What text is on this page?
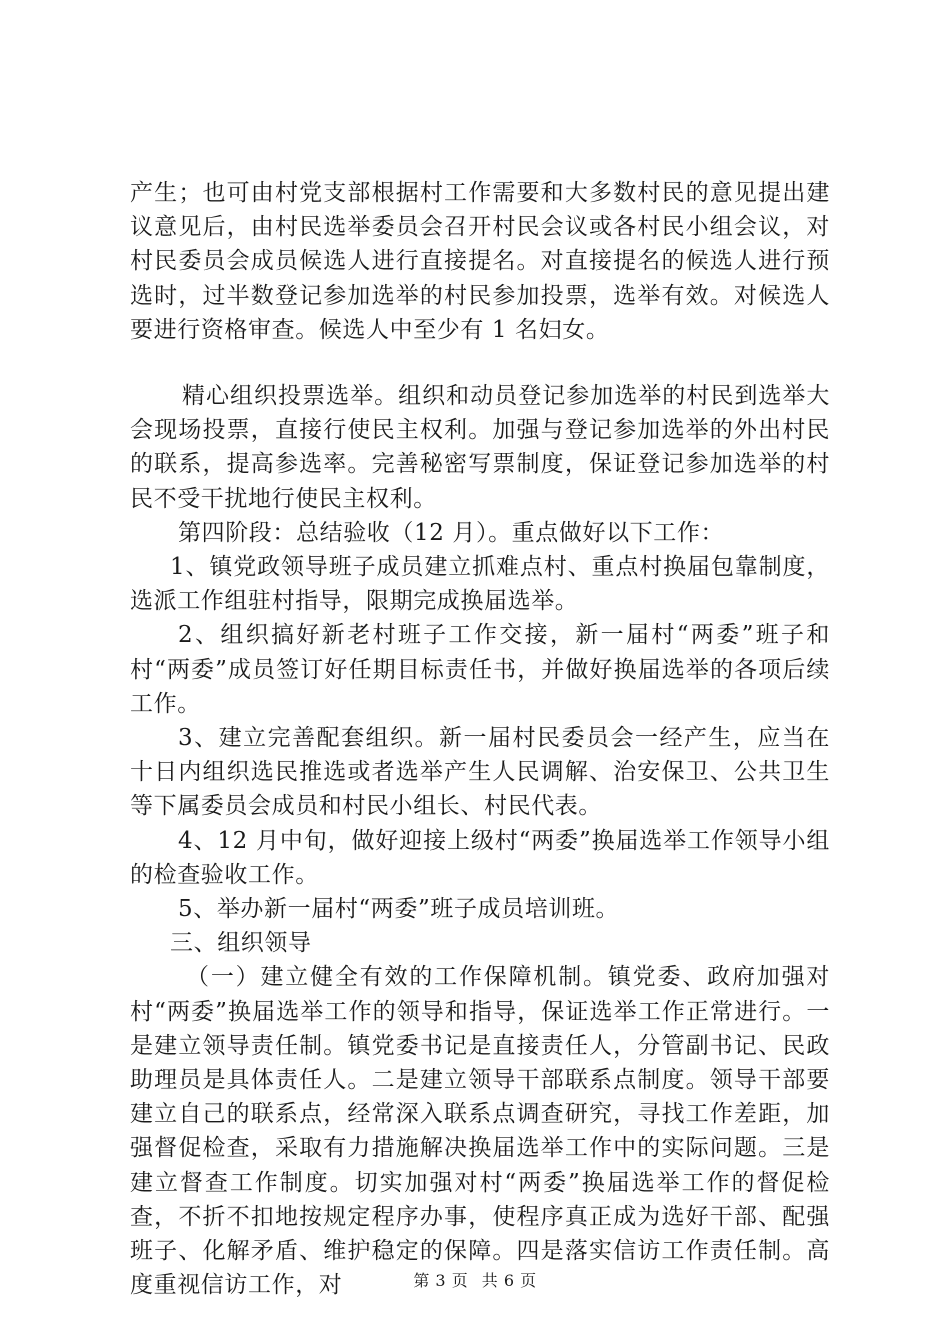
产生；也可由村党支部根据村工作需要和大多数村民的意见提出建议意见后，由村民选举委员会召开村民会议或各村民小组会议，对村民委员会成员候选人进行直接提名。对直接提名的候选人进行预选时，过半数登记参加选举的村民参加投票，选举有效。对候选人要进行资格审查。候选人中至少有 1 名妇女。

精心组织投票选举。组织和动员登记参加选举的村民到选举大会现场投票，直接行使民主权利。加强与登记参加选举的外出村民的联系，提高参选率。完善秘密写票制度，保证登记参加选举的村民不受干扰地行使民主权利。

第四阶段：总结验收（12 月）。重点做好以下工作：

1、镇党政领导班子成员建立抓难点村、重点村换届包靠制度，选派工作组驻村指导，限期完成换届选举。

2、组织搞好新老村班子工作交接，新一届村“两委”班子和村“两委”成员签订好任期目标责任书，并做好换届选举的各项后续工作。

3、建立完善配套组织。新一届村民委员会一经产生，应当在十日内组织选民推选或者选举产生人民调解、治安保卫、公共卫生等下属委员会成员和村民小组长、村民代表。

4、12 月中旬，做好迎接上级村“两委”换届选举工作领导小组的检查验收工作。

5、举办新一届村“两委”班子成员培训班。

三、组织领导

（一）建立健全有效的工作保障机制。镇党委、政府加强对村“两委”换届选举工作的领导和指导，保证选举工作正常进行。一是建立领导责任制。镇党委书记是直接责任人，分管副书记、民政助理员是具体责任人。二是建立领导干部联系点制度。领导干部要建立自己的联系点，经常深入联系点调查研究，寻找工作差距，加强督促检查，采取有力措施解决换届选举工作中的实际问题。三是建立督查工作制度。切实加强对村“两委”换届选举工作的督促检查，不折不扣地按规定程序办事，使程序真正成为选好干部、配强班子、化解矛盾、维护稳定的保障。四是落实信访工作责任制。高度重视信访工作，对	第 3 页 共 6 页
